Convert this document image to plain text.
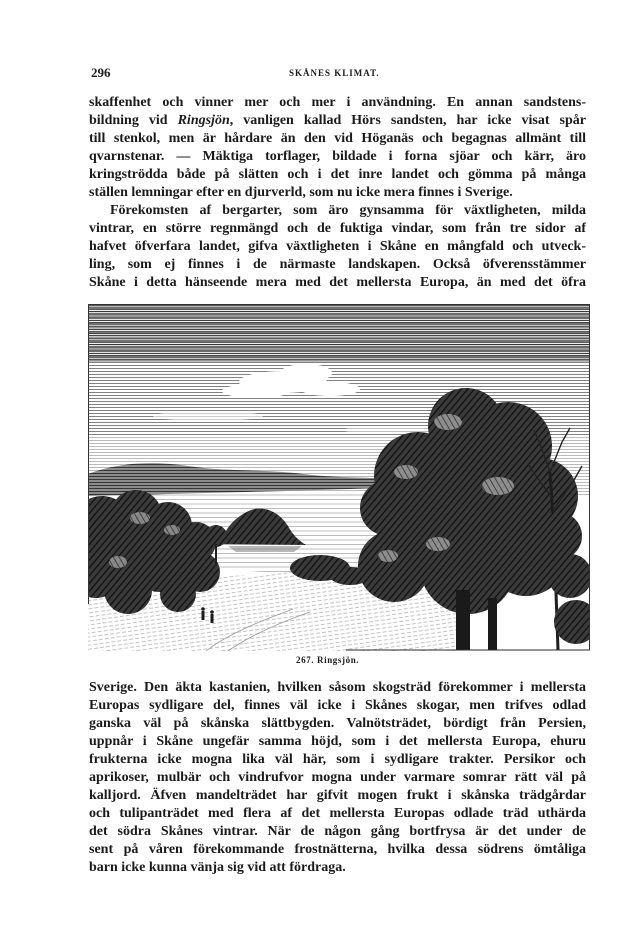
296	SKÅNES KLIMAT.
skaffenhet och vinner mer och mer i användning. En annan sandstens-
bildning vid Ringsjön, vanligen kallad Hörs sandsten, har icke visat spår
till stenkol, men är hårdare än den vid Höganäs och begagnas allmänt till
qvarnstenar. — Mäktiga torflager, bildade i forna sjöar och kärr, äro
kringströdda både på slätten och i det inre landet och gömma på många
ställen lemningar efter en djurverld, som nu icke mera finnes i Sverige.
Förekomsten af bergarter, som äro gynsamma för växtligheten, milda
vintrar, en större regnmängd och de fuktiga vindar, som från tre sidor af
hafvet öfverfara landet, gifva växtligheten i Skåne en mångfald och utveck-
ling, som ej finnes i de närmaste landskapen. Också öfverensstämmer
Skåne i detta hänseende mera med det mellersta Europa, än med det öfra
267. Ringsjön.
Sverige. Den äkta kastanien, hvilken såsom skogsträd förekommer i mellersta
Europas sydligare del, finnes väl icke i Skånes skogar, men trifves odlad
ganska väl på skånska slättbygden. Valnötsträdet, bördigt från Persien,
uppnår i Skåne ungefär samma höjd, som i det mellersta Europa, ehuru
frukterna icke mogna lika väl här, som i sydligare trakter. Persikor och
aprikoser, mulbär och vindrufvor mogna under varmare somrar rätt väl på
kalljord. Äfven mandelträdet har gifvit mogen frukt i skånska trädgårdar
och tulipanträdet med flera af det mellersta Europas odlade träd uthärda
det södra Skånes vintrar. När de någon gång bortfrysa är det under de
sent på våren förekommande frostnätterna, hvilka dessa södrens ömtåliga
barn icke kunna vänja sig vid att fördraga.
